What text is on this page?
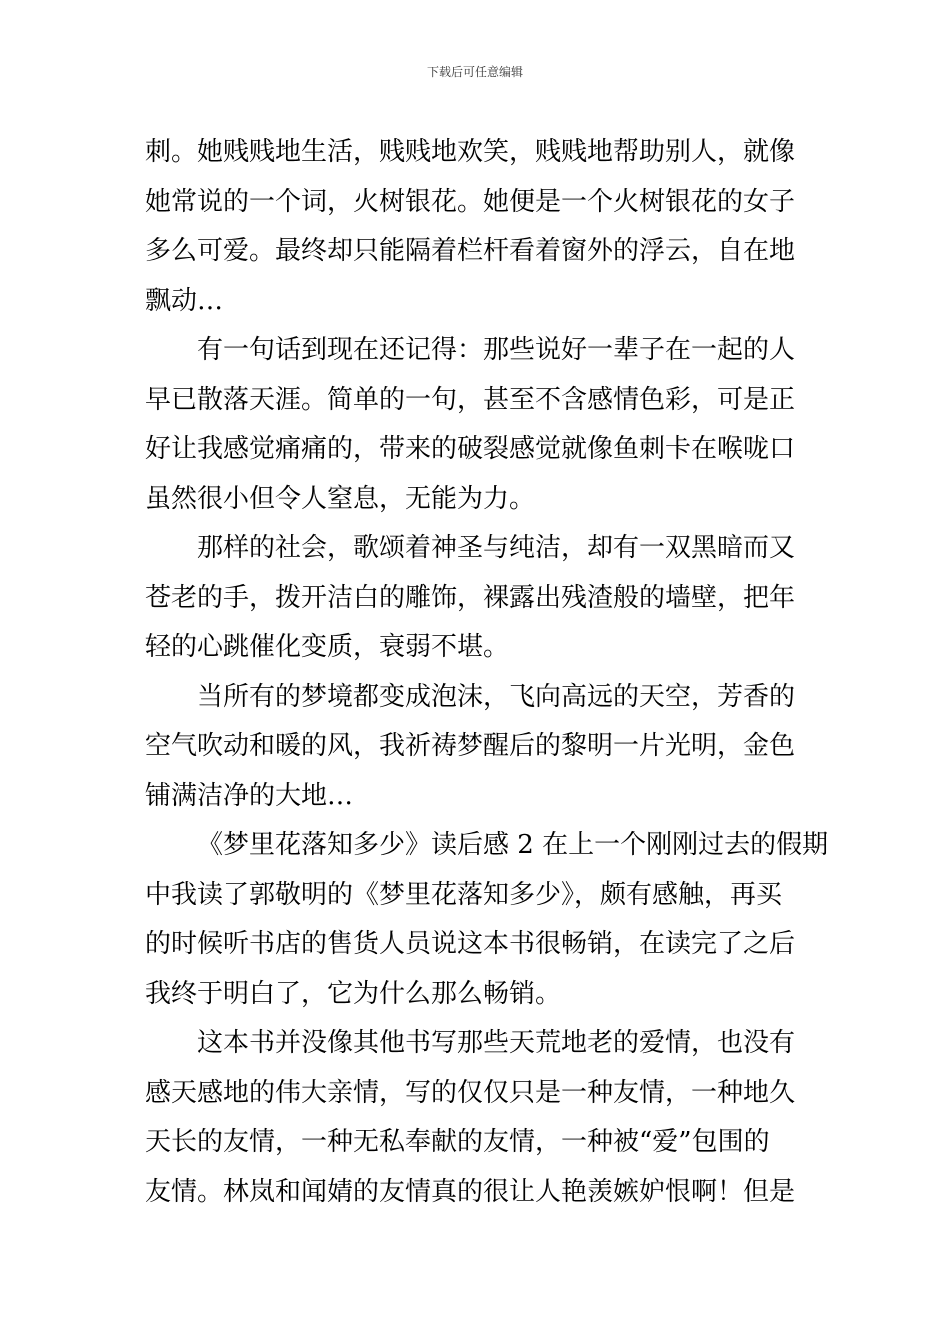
下载后可任意编辑
刺。她贱贱地生活，贱贱地欢笑，贱贱地帮助别人，就像
她常说的一个词，火树银花。她便是一个火树银花的女子
多么可爱。最终却只能隔着栏杆看着窗外的浮云，自在地
飘动…
有一句话到现在还记得：那些说好一辈子在一起的人
早已散落天涯。简单的一句，甚至不含感情色彩，可是正
好让我感觉痛痛的，带来的破裂感觉就像鱼刺卡在喉咙口
虽然很小但令人窒息，无能为力。
那样的社会，歌颂着神圣与纯洁，却有一双黑暗而又
苍老的手，拨开洁白的雕饰，裸露出残渣般的墙壁，把年
轻的心跳催化变质，衰弱不堪。
当所有的梦境都变成泡沫，飞向高远的天空，芳香的
空气吹动和暖的风，我祈祷梦醒后的黎明一片光明，金色
铺满洁净的大地…
《梦里花落知多少》读后感 2 在上一个刚刚过去的假期
中我读了郭敬明的《梦里花落知多少》，颇有感触，再买
的时候听书店的售货人员说这本书很畅销，在读完了之后
我终于明白了，它为什么那么畅销。
这本书并没像其他书写那些天荒地老的爱情，也没有
感天感地的伟大亲情，写的仅仅只是一种友情，一种地久
天长的友情，一种无私奉献的友情，一种被“爱”包围的
友情。林岚和闻婧的友情真的很让人艳羡嫉妒恨啊！但是
